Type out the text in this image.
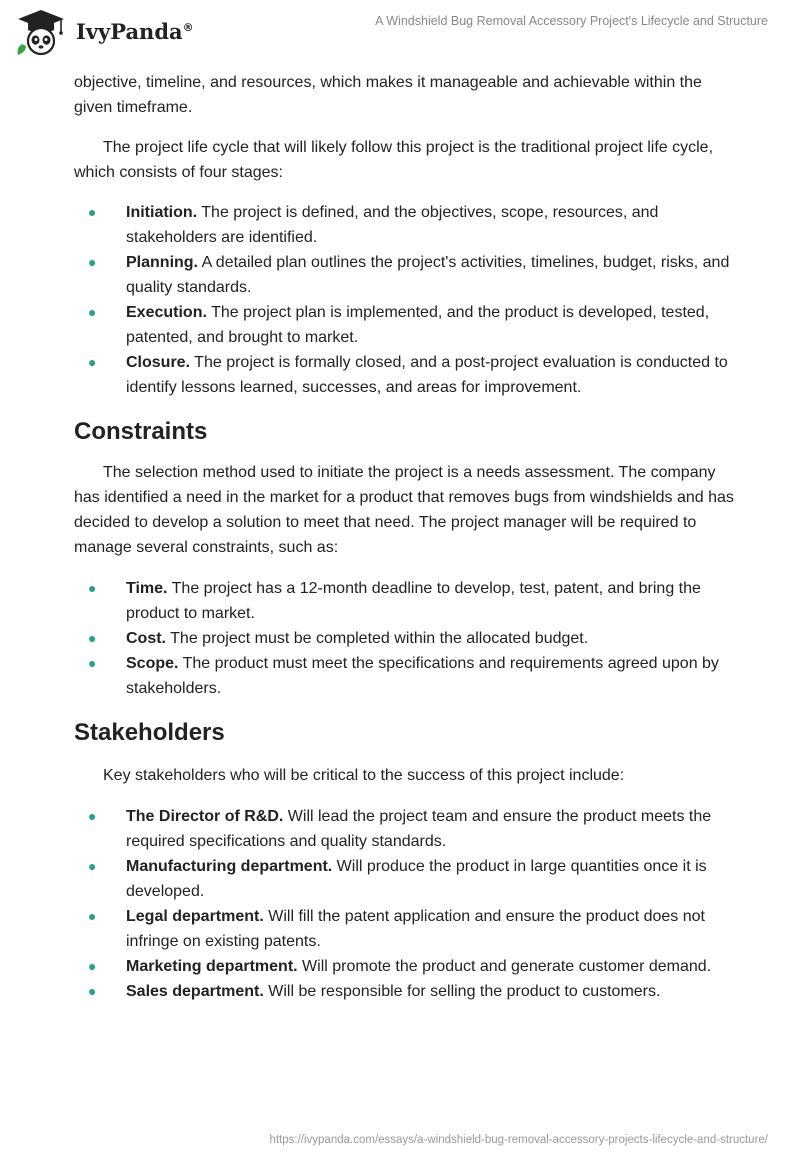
IvyPanda®	A Windshield Bug Removal Accessory Project's Lifecycle and Structure

objective, timeline, and resources, which makes it manageable and achievable within the given timeframe.

The project life cycle that will likely follow this project is the traditional project life cycle, which consists of four stages:

● Initiation. The project is defined, and the objectives, scope, resources, and stakeholders are identified.
● Planning. A detailed plan outlines the project's activities, timelines, budget, risks, and quality standards.
● Execution. The project plan is implemented, and the product is developed, tested, patented, and brought to market.
● Closure. The project is formally closed, and a post-project evaluation is conducted to identify lessons learned, successes, and areas for improvement.
Constraints

The selection method used to initiate the project is a needs assessment. The company has identified a need in the market for a product that removes bugs from windshields and has decided to develop a solution to meet that need. The project manager will be required to manage several constraints, such as:

● Time. The project has a 12-month deadline to develop, test, patent, and bring the product to market.
● Cost. The project must be completed within the allocated budget.
● Scope. The product must meet the specifications and requirements agreed upon by stakeholders.
Stakeholders

Key stakeholders who will be critical to the success of this project include:

● The Director of R&D. Will lead the project team and ensure the product meets the required specifications and quality standards.
● Manufacturing department. Will produce the product in large quantities once it is developed.
● Legal department. Will fill the patent application and ensure the product does not infringe on existing patents.
● Marketing department. Will promote the product and generate customer demand.
● Sales department. Will be responsible for selling the product to customers.
https://ivypanda.com/essays/a-windshield-bug-removal-accessory-projects-lifecycle-and-structure/
